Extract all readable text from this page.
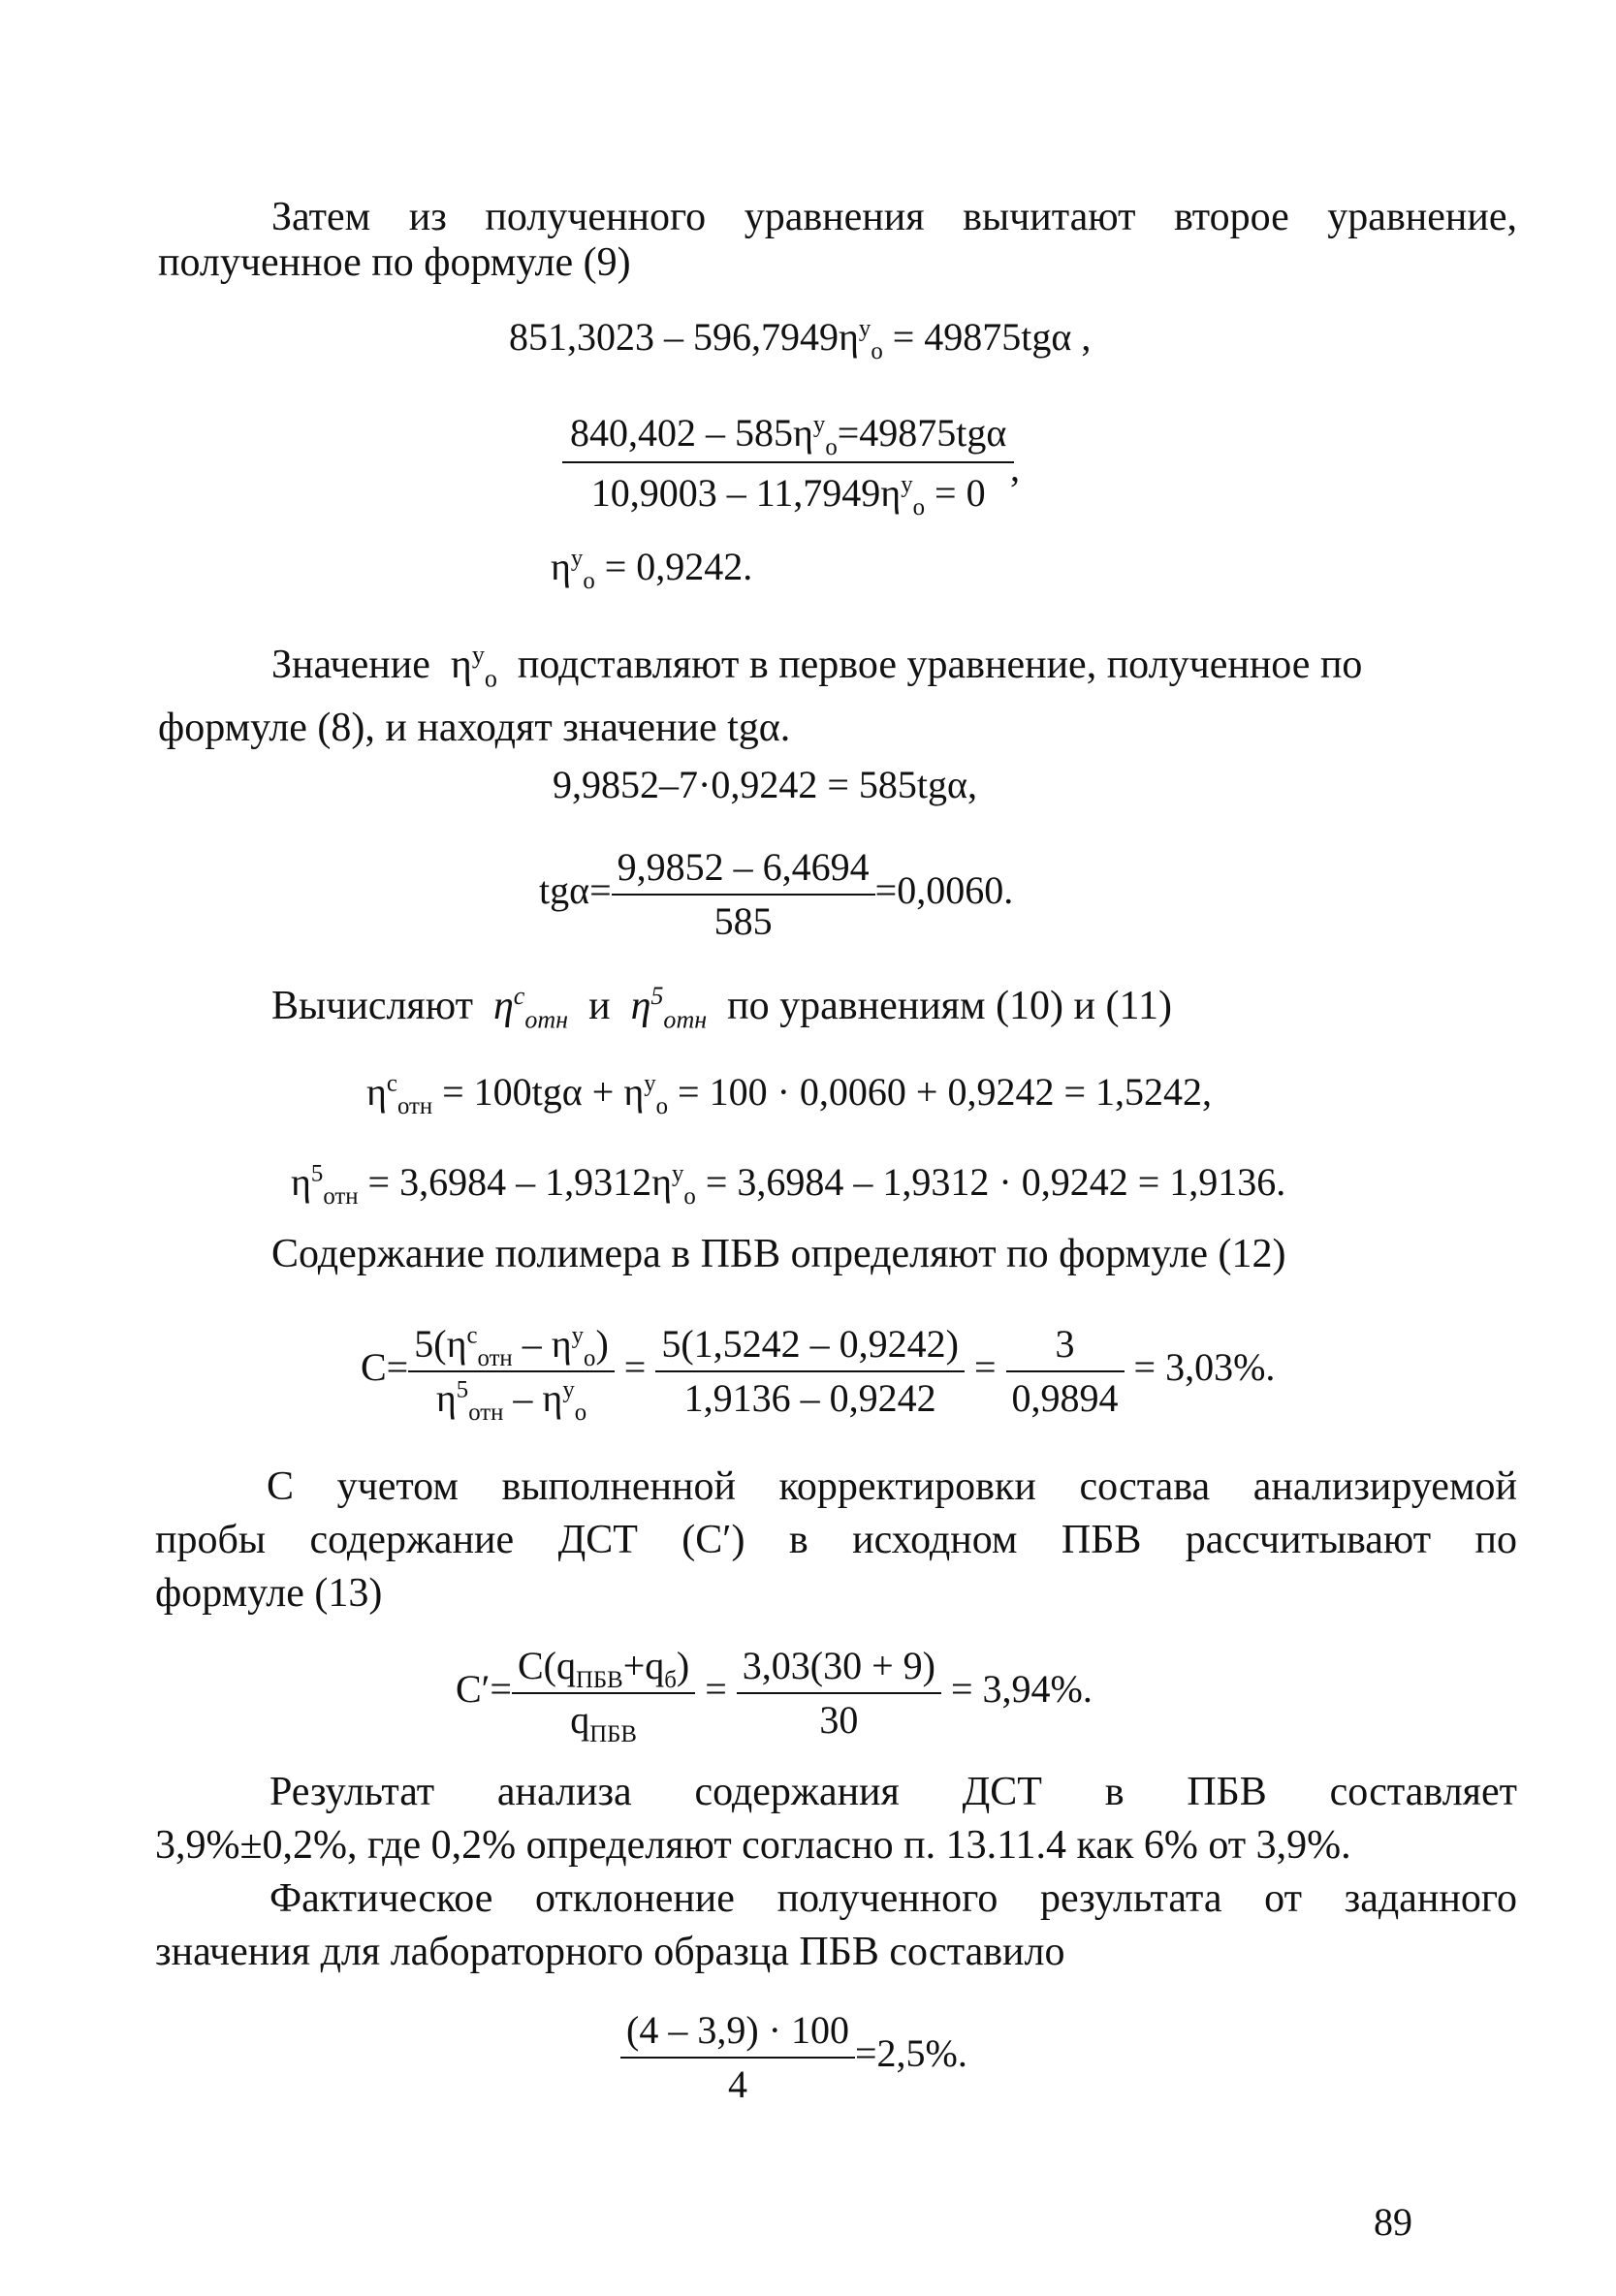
Затем из полученного уравнения вычитают второе уравнение,
полученное по формуле (9)
$851,3023 - 596,7949\eta^у_о = 49875tg\alpha$ ,
$840,402 - 585\eta^у_о=49875tg\alpha$
$10,9003 - 11,7949\eta^у_о = 0$
,
$\eta^у_о = 0,9242$.
Значение $\eta^у_о$ подставляют в первое уравнение, полученное по
формуле (8), и находят значение tgα.
9,9852–7·0,9242 = 585tgα,
$tg\alpha= \frac{9,9852 - 6,4694}{585} =0,0060$.
Вычисляют $\eta^с_{отн}$ и $\eta^5_{отн}$ по уравнениям (10) и (11)
$\eta^с_{отн} = 100tg\alpha + \eta^у_о = 100 \cdot 0,0060 + 0,9242 = 1,5242$,
$\eta^5_{отн} = 3,6984 - 1,9312\eta^у_о = 3,6984 - 1,9312 \cdot 0,9242 = 1,9136$.
Содержание полимера в ПБВ определяют по формуле (12)
$C= \frac{5(\eta^с_{отн} - \eta^у_о)}{\eta^5_{отн} - \eta^у_о} = \frac{5(1,5242 - 0,9242)}{1,9136 - 0,9242} = \frac{3}{0,9894} = 3,03\%$.
С учетом выполненной корректировки состава анализируемой
пробы содержание ДСТ (С′) в исходном ПБВ рассчитывают по
формуле (13)
$C'= \frac{C(q_{ПБВ}+q_б)}{q_{ПБВ}} = \frac{3,03(30 + 9)}{30} = 3,94\%$.
Результат анализа содержания ДСТ в ПБВ составляет
3,9%±0,2%, где 0,2% определяют согласно п. 13.11.4 как 6% от 3,9%.
Фактическое отклонение полученного результата от заданного
значения для лабораторного образца ПБВ составило
$\frac{(4 - 3,9) \cdot 100}{4} =2,5\%$.
89
